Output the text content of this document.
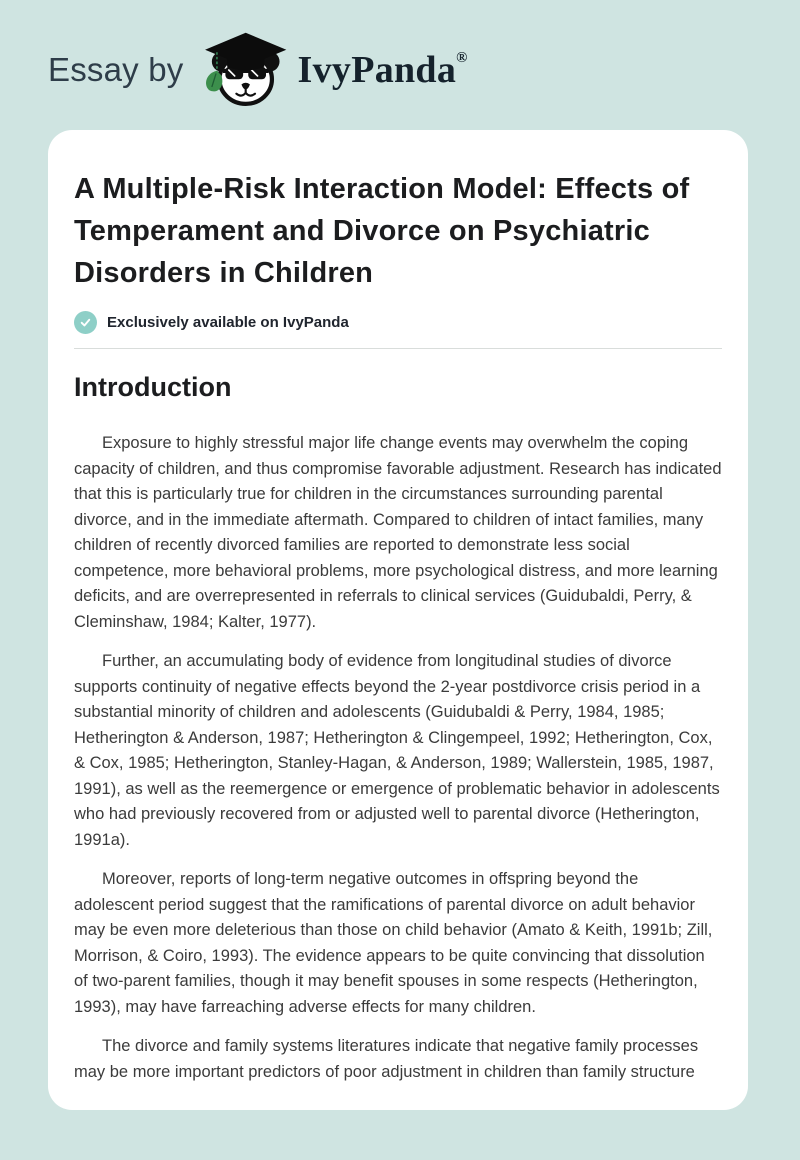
Essay by	IvyPanda®
A Multiple-Risk Interaction Model: Effects of Temperament and Divorce on Psychiatric Disorders in Children
Exclusively available on IvyPanda
Introduction

Exposure to highly stressful major life change events may overwhelm the coping capacity of children, and thus compromise favorable adjustment. Research has indicated that this is particularly true for children in the circumstances surrounding parental divorce, and in the immediate aftermath. Compared to children of intact families, many children of recently divorced families are reported to demonstrate less social competence, more behavioral problems, more psychological distress, and more learning deficits, and are overrepresented in referrals to clinical services (Guidubaldi, Perry, & Cleminshaw, 1984; Kalter, 1977).

Further, an accumulating body of evidence from longitudinal studies of divorce supports continuity of negative effects beyond the 2-year postdivorce crisis period in a substantial minority of children and adolescents (Guidubaldi & Perry, 1984, 1985; Hetherington & Anderson, 1987; Hetherington & Clingempeel, 1992; Hetherington, Cox, & Cox, 1985; Hetherington, Stanley-Hagan, & Anderson, 1989; Wallerstein, 1985, 1987, 1991), as well as the reemergence or emergence of problematic behavior in adolescents who had previously recovered from or adjusted well to parental divorce (Hetherington, 1991a).

Moreover, reports of long-term negative outcomes in offspring beyond the adolescent period suggest that the ramifications of parental divorce on adult behavior may be even more deleterious than those on child behavior (Amato & Keith, 1991b; Zill, Morrison, & Coiro, 1993). The evidence appears to be quite convincing that dissolution of two-parent families, though it may benefit spouses in some respects (Hetherington, 1993), may have farreaching adverse effects for many children.

The divorce and family systems literatures indicate that negative family processes may be more important predictors of poor adjustment in children than family structure
